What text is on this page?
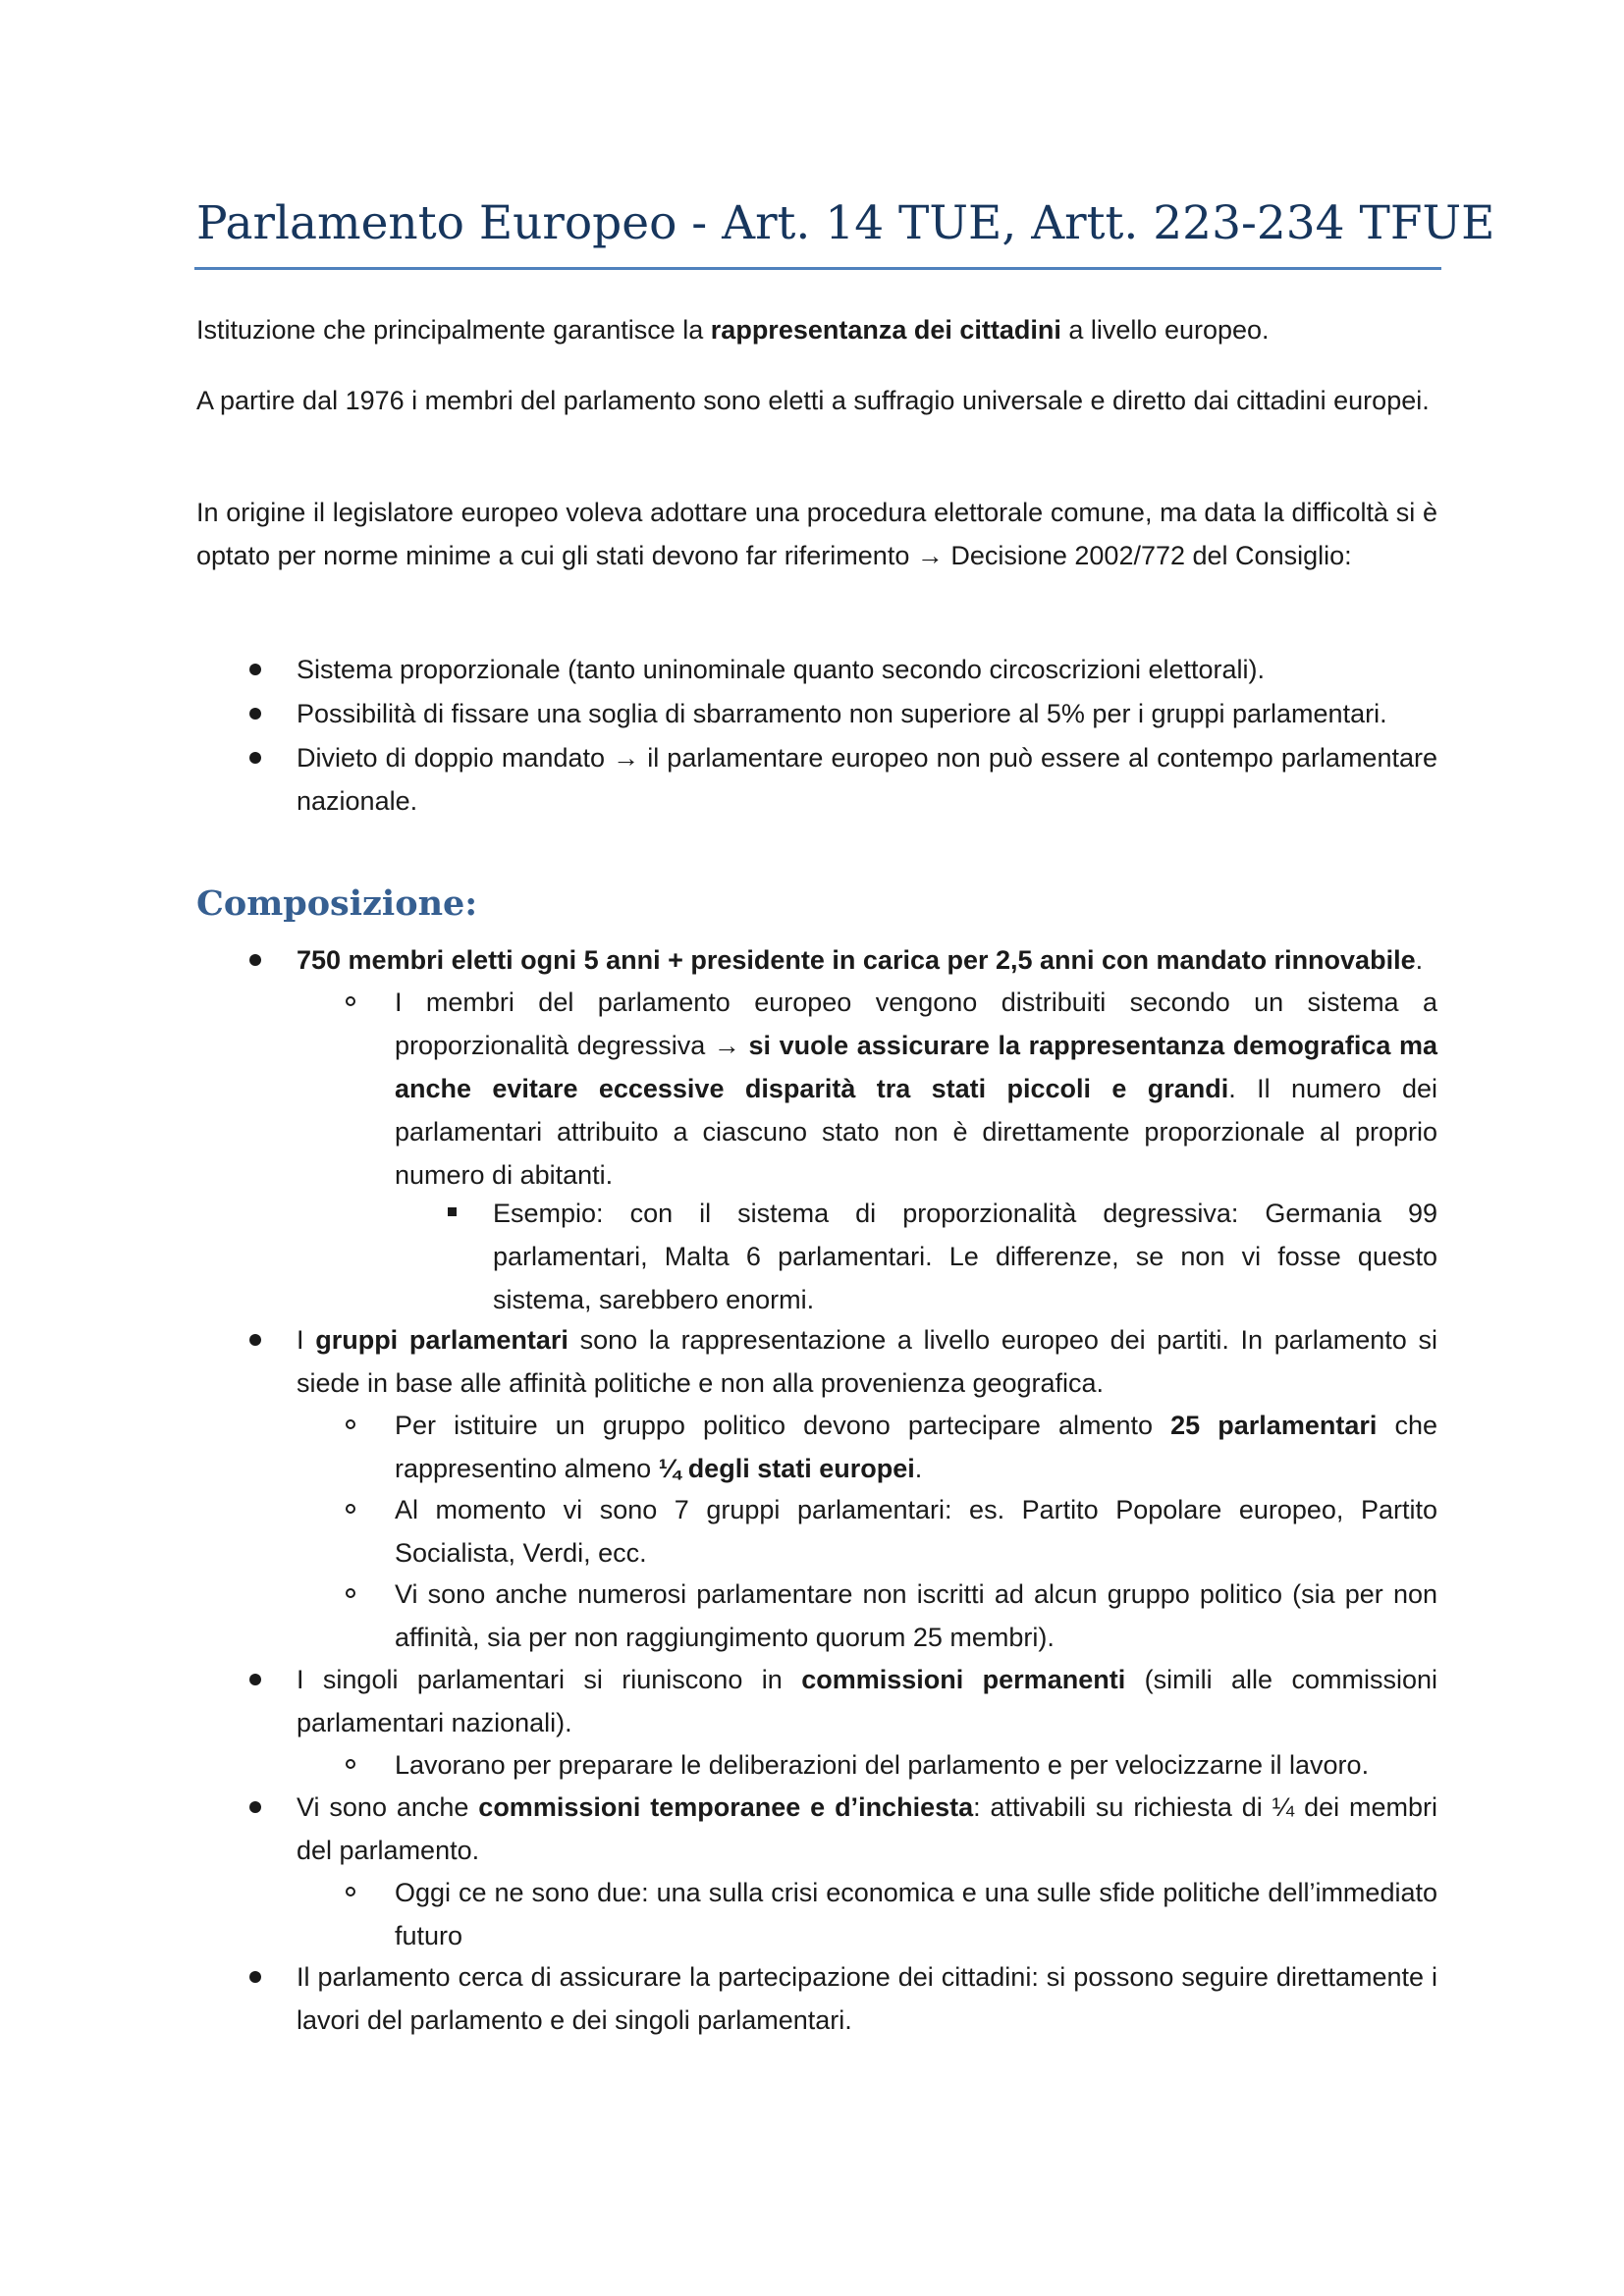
Parlamento Europeo - Art. 14 TUE, Artt. 223-234 TFUE

Istituzione che principalmente garantisce la rappresentanza dei cittadini a livello europeo.

A partire dal 1976 i membri del parlamento sono eletti a suffragio universale e diretto dai cittadini europei.

In origine il legislatore europeo voleva adottare una procedura elettorale comune, ma data la difficoltà si è optato per norme minime a cui gli stati devono far riferimento → Decisione 2002/772 del Consiglio:

Sistema proporzionale (tanto uninominale quanto secondo circoscrizioni elettorali).

Possibilità di fissare una soglia di sbarramento non superiore al 5% per i gruppi parlamentari.

Divieto di doppio mandato → il parlamentare europeo non può essere al contempo parlamentare nazionale.

Composizione:

750 membri eletti ogni 5 anni + presidente in carica per 2,5 anni con mandato rinnovabile.

I membri del parlamento europeo vengono distribuiti secondo un sistema a proporzionalità degressiva → si vuole assicurare la rappresentanza demografica ma anche evitare eccessive disparità tra stati piccoli e grandi. Il numero dei parlamentari attribuito a ciascuno stato non è direttamente proporzionale al proprio numero di abitanti.

Esempio: con il sistema di proporzionalità degressiva: Germania 99 parlamentari, Malta 6 parlamentari. Le differenze, se non vi fosse questo sistema, sarebbero enormi.

I gruppi parlamentari sono la rappresentazione a livello europeo dei partiti. In parlamento si siede in base alle affinità politiche e non alla provenienza geografica.

Per istituire un gruppo politico devono partecipare almento 25 parlamentari che rappresentino almeno ¼ degli stati europei.

Al momento vi sono 7 gruppi parlamentari: es. Partito Popolare europeo, Partito Socialista, Verdi, ecc.

Vi sono anche numerosi parlamentare non iscritti ad alcun gruppo politico (sia per non affinità, sia per non raggiungimento quorum 25 membri).

I singoli parlamentari si riuniscono in commissioni permanenti (simili alle commissioni parlamentari nazionali).

Lavorano per preparare le deliberazioni del parlamento e per velocizzarne il lavoro.

Vi sono anche commissioni temporanee e d’inchiesta: attivabili su richiesta di ¼ dei membri del parlamento.

Oggi ce ne sono due: una sulla crisi economica e una sulle sfide politiche dell’immediato futuro

Il parlamento cerca di assicurare la partecipazione dei cittadini: si possono seguire direttamente i lavori del parlamento e dei singoli parlamentari.
